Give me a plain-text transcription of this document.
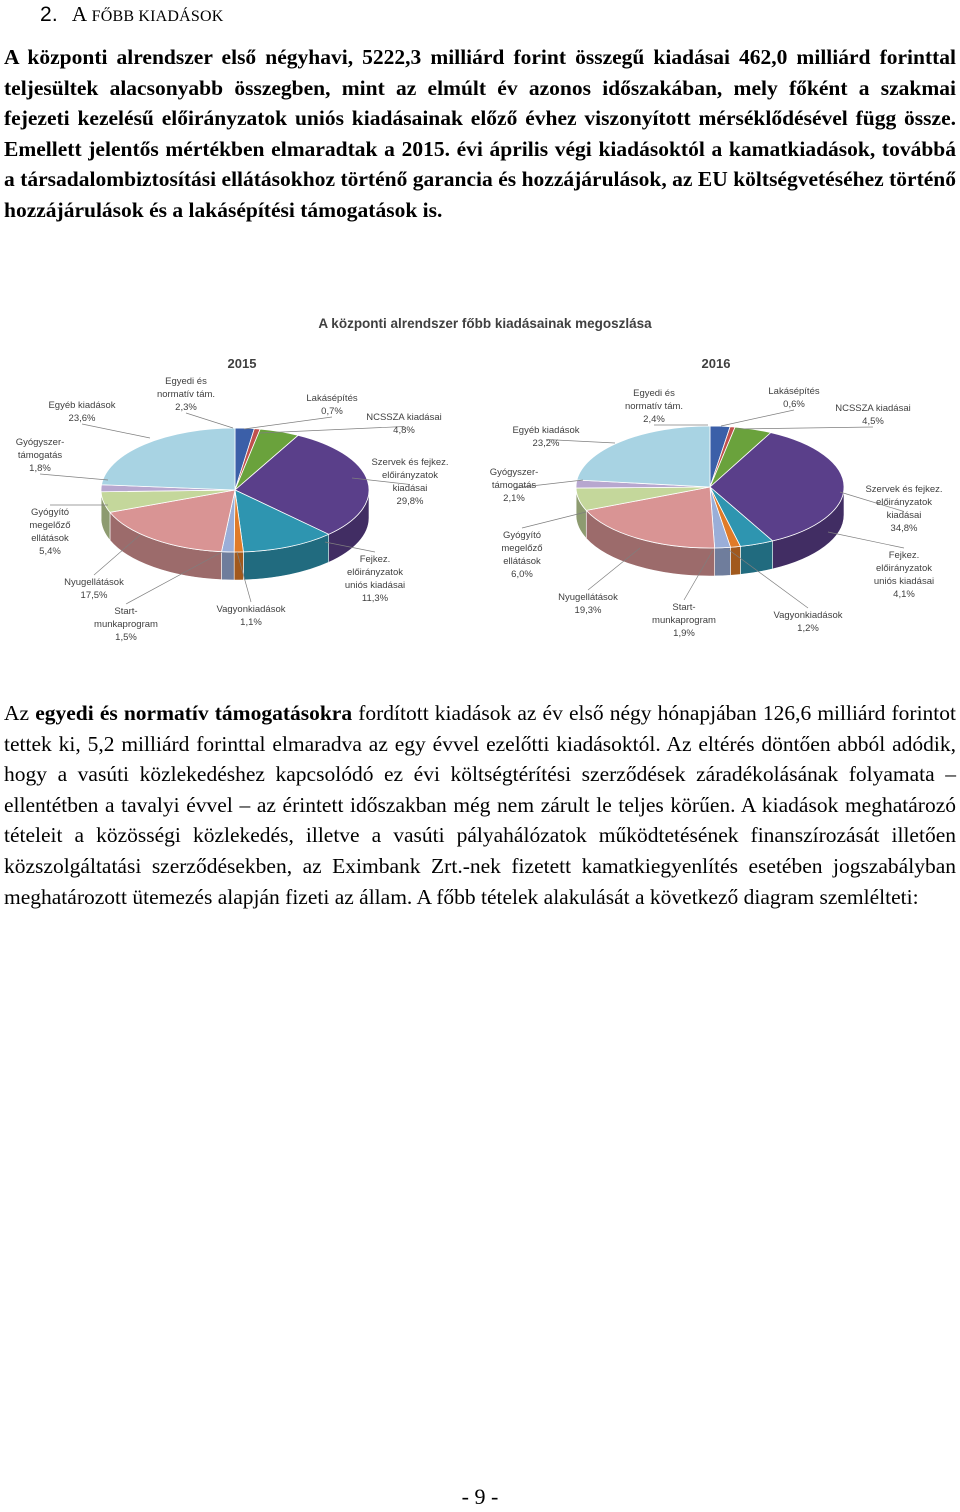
2. A FŐBB KIADÁSOK
A központi alrendszer első négyhavi, 5222,3 milliárd forint összegű kiadásai 462,0 milliárd forinttal teljesültek alacsonyabb összegben, mint az elmúlt év azonos időszakában, mely főként a szakmai fejezeti kezelésű előirányzatok uniós kiadásainak előző évhez viszonyított mérséklődésével függ össze. Emellett jelentős mértékben elmaradtak a 2015. évi április végi kiadásoktól a kamatkiadások, továbbá a társadalombiztosítási ellátásokhoz történő garancia és hozzájárulások, az EU költségvetéséhez történő hozzájárulások és a lakásépítési támogatások is.
A központi alrendszer főbb kiadásainak megoszlása
2015	2016
Egyedi és normatív tám. 2,3%
Lakásépítés 0,7%
NCSSZA kiadásai 4,8%
Szervek és fejkez. előirányzatok kiadásai 29,8%
Fejkez. előirányzatok uniós kiadásai 11,3%
Vagyonkiadások 1,1%
Start-munkaprogram 1,5%
Nyugellátások 17,5%
Gyógyító megelőző ellátások 5,4%
Gyógyszer-támogatás 1,8%
Egyéb kiadások 23,6%
Egyedi és normatív tám. 2,4%
Lakásépítés 0,6%	NCSSZA kiadásai 4,5%
Szervek és fejkez. előirányzatok kiadásai 34,8%
Fejkez. előirányzatok uniós kiadásai 4,1%
Vagyonkiadások 1,2%
Start-munkaprogram 1,9%
Nyugellátások 19,3%
Gyógyító megelőző ellátások 6,0%
Gyógyszer-támogatás 2,1%
Egyéb kiadások 23,2%
Az egyedi és normatív támogatásokra fordított kiadások az év első négy hónapjában 126,6 milliárd forintot tettek ki, 5,2 milliárd forinttal elmaradva az egy évvel ezelőtti kiadásoktól. Az eltérés döntően abból adódik, hogy a vasúti közlekedéshez kapcsolódó ez évi költségtérítési szerződések záradékolásának folyamata – ellentétben a tavalyi évvel – az érintett időszakban még nem zárult le teljes körűen. A kiadások meghatározó tételeit a közösségi közlekedés, illetve a vasúti pályahálózatok működtetésének finanszírozását illetően közszolgáltatási szerződésekben, az Eximbank Zrt.-nek fizetett kamatkiegyenlítés esetében jogszabályban meghatározott ütemezés alapján fizeti az állam. A főbb tételek alakulását a következő diagram szemlélteti:
- 9 -
